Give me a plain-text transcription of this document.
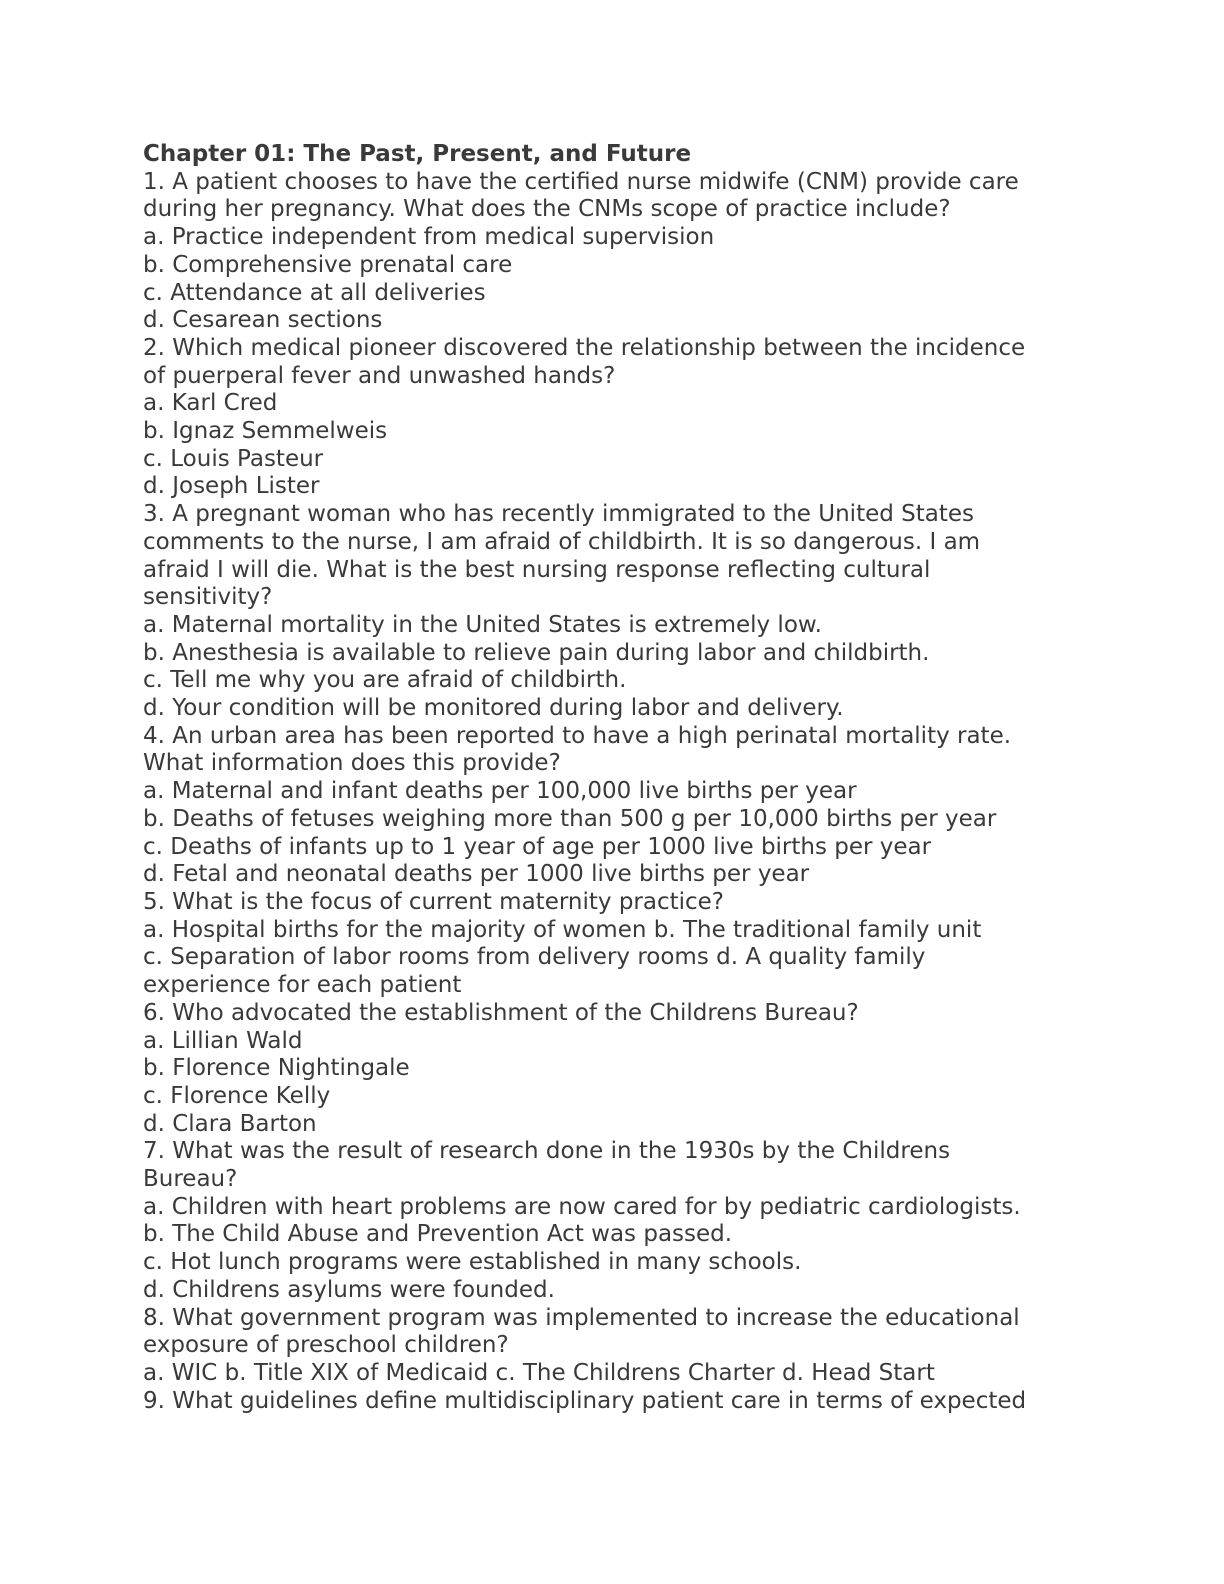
Chapter 01: The Past, Present, and Future
1. A patient chooses to have the certified nurse midwife (CNM) provide care
during her pregnancy. What does the CNMs scope of practice include?
a. Practice independent from medical supervision
b. Comprehensive prenatal care
c. Attendance at all deliveries
d. Cesarean sections
2. Which medical pioneer discovered the relationship between the incidence
of puerperal fever and unwashed hands?
a. Karl Cred
b. Ignaz Semmelweis
c. Louis Pasteur
d. Joseph Lister
3. A pregnant woman who has recently immigrated to the United States
comments to the nurse, I am afraid of childbirth. It is so dangerous. I am
afraid I will die. What is the best nursing response reflecting cultural
sensitivity?
a. Maternal mortality in the United States is extremely low.
b. Anesthesia is available to relieve pain during labor and childbirth.
c. Tell me why you are afraid of childbirth.
d. Your condition will be monitored during labor and delivery.
4. An urban area has been reported to have a high perinatal mortality rate.
What information does this provide?
a. Maternal and infant deaths per 100,000 live births per year
b. Deaths of fetuses weighing more than 500 g per 10,000 births per year
c. Deaths of infants up to 1 year of age per 1000 live births per year
d. Fetal and neonatal deaths per 1000 live births per year
5. What is the focus of current maternity practice?
a. Hospital births for the majority of women b. The traditional family unit
c. Separation of labor rooms from delivery rooms d. A quality family
experience for each patient
6. Who advocated the establishment of the Childrens Bureau?
a. Lillian Wald
b. Florence Nightingale
c. Florence Kelly
d. Clara Barton
7. What was the result of research done in the 1930s by the Childrens
Bureau?
a. Children with heart problems are now cared for by pediatric cardiologists.
b. The Child Abuse and Prevention Act was passed.
c. Hot lunch programs were established in many schools.
d. Childrens asylums were founded.
8. What government program was implemented to increase the educational
exposure of preschool children?
a. WIC b. Title XIX of Medicaid c. The Childrens Charter d. Head Start
9. What guidelines define multidisciplinary patient care in terms of expected
